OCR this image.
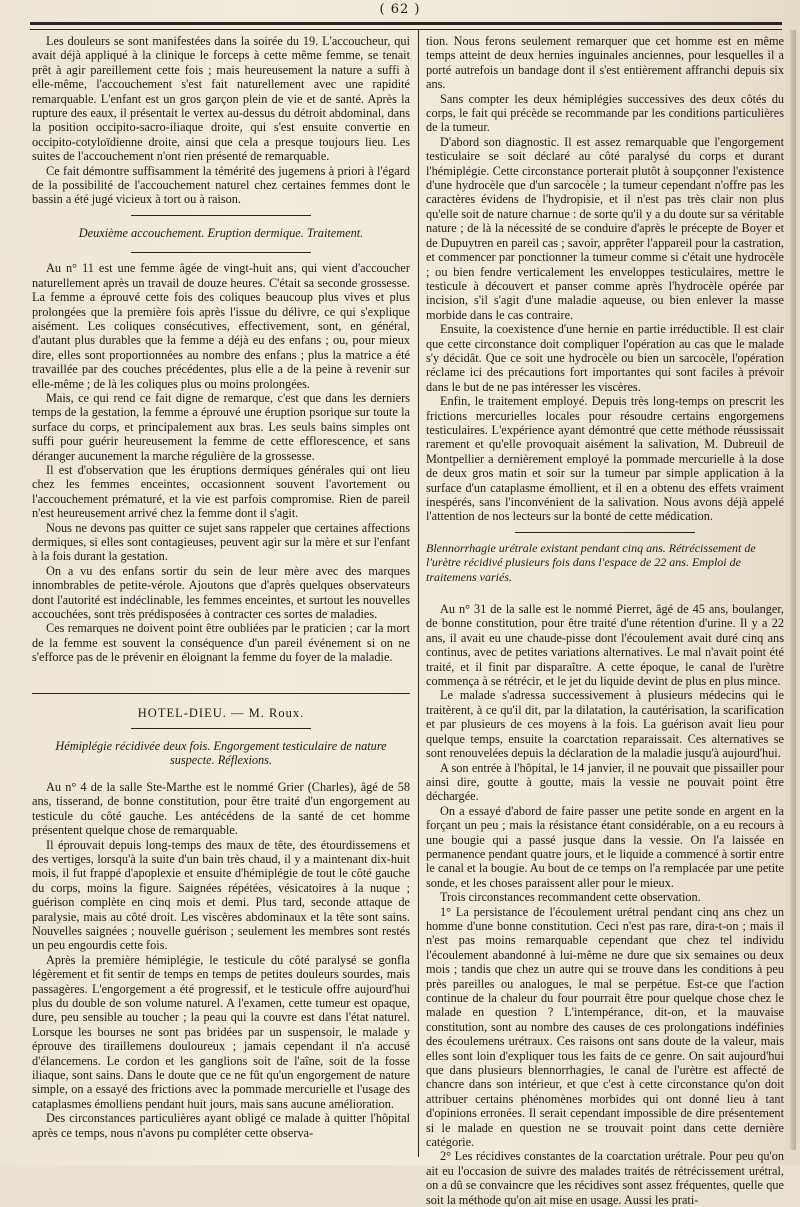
( 62 )

Les douleurs se sont manifestées dans la soirée du 19. L'accoucheur, qui avait déjà appliqué à la clinique le forceps à cette même femme, se tenait prêt à agir pareillement cette fois ; mais heureusement la nature a suffi à elle-même, l'accouchement s'est fait naturellement avec une rapidité remarquable. L'enfant est un gros garçon plein de vie et de santé. Après la rupture des eaux, il présentait le vertex au-dessus du détroit abdominal, dans la position occipito-sacro-iliaque droite, qui s'est ensuite convertie en occipito-cotyloïdienne droite, ainsi que cela a presque toujours lieu. Les suites de l'accouchement n'ont rien présenté de remarquable.

Ce fait démontre suffisamment la témérité des jugemens à priori à l'égard de la possibilité de l'accouchement naturel chez certaines femmes dont le bassin a été jugé vicieux à tort ou à raison.

Deuxième accouchement. Eruption dermique. Traitement.

Au n° 11 est une femme âgée de vingt-huit ans, qui vient d'accoucher naturellement après un travail de douze heures. C'était sa seconde grossesse. La femme a éprouvé cette fois des coliques beaucoup plus vives et plus prolongées que la première fois après l'issue du délivre, ce qui s'explique aisément. Les coliques consécutives, effectivement, sont, en général, d'autant plus durables que la femme a déjà eu des enfans ; ou, pour mieux dire, elles sont proportionnées au nombre des enfans ; plus la matrice a été travaillée par des couches précédentes, plus elle a de la peine à revenir sur elle-même ; de là les coliques plus ou moins prolongées.

Mais, ce qui rend ce fait digne de remarque, c'est que dans les derniers temps de la gestation, la femme a éprouvé une éruption psorique sur toute la surface du corps, et principalement aux bras. Les seuls bains simples ont suffi pour guérir heureusement la femme de cette efflorescence, et sans déranger aucunement la marche régulière de la grossesse.

Il est d'observation que les éruptions dermiques générales qui ont lieu chez les femmes enceintes, occasionnent souvent l'avortement ou l'accouchement prématuré, et la vie est parfois compromise. Rien de pareil n'est heureusement arrivé chez la femme dont il s'agit.

Nous ne devons pas quitter ce sujet sans rappeler que certaines affections dermiques, si elles sont contagieuses, peuvent agir sur la mère et sur l'enfant à la fois durant la gestation.

On a vu des enfans sortir du sein de leur mère avec des marques innombrables de petite-vérole. Ajoutons que d'après quelques observateurs dont l'autorité est indéclinable, les femmes enceintes, et surtout les nouvelles accouchées, sont très prédisposées à contracter ces sortes de maladies.

Ces remarques ne doivent point être oubliées par le praticien ; car la mort de la femme est souvent la conséquence d'un pareil événement si on ne s'efforce pas de le prévenir en éloignant la femme du foyer de la maladie.

HOTEL-DIEU. — M. Roux.

Hémiplégie récidivée deux fois. Engorgement testiculaire de nature suspecte. Réflexions.

Au n° 4 de la salle Ste-Marthe est le nommé Grier (Charles), âgé de 58 ans, tisserand, de bonne constitution, pour être traité d'un engorgement au testicule du côté gauche. Les antécédens de la santé de cet homme présentent quelque chose de remarquable.

Il éprouvait depuis long-temps des maux de tête, des étourdissemens et des vertiges, lorsqu'à la suite d'un bain très chaud, il y a maintenant dix-huit mois, il fut frappé d'apoplexie et ensuite d'hémiplégie de tout le côté gauche du corps, moins la figure. Saignées répétées, vésicatoires à la nuque ; guérison complète en cinq mois et demi. Plus tard, seconde attaque de paralysie, mais au côté droit. Les viscères abdominaux et la tête sont sains. Nouvelles saignées ; nouvelle guérison ; seulement les membres sont restés un peu engourdis cette fois.

Après la première hémiplégie, le testicule du côté paralysé se gonfla légèrement et fit sentir de temps en temps de petites douleurs sourdes, mais passagères. L'engorgement a été progressif, et le testicule offre aujourd'hui plus du double de son volume naturel. A l'examen, cette tumeur est opaque, dure, peu sensible au toucher ; la peau qui la couvre est dans l'état naturel. Lorsque les bourses ne sont pas bridées par un suspensoir, le malade y éprouve des tiraillemens douloureux ; jamais cependant il n'a accusé d'élancemens. Le cordon et les ganglions soit de l'aîne, soit de la fosse iliaque, sont sains. Dans le doute que ce ne fût qu'un engorgement de nature simple, on a essayé des frictions avec la pommade mercurielle et l'usage des cataplasmes émolliens pendant huit jours, mais sans aucune amélioration.

Des circonstances particulières ayant obligé ce malade à quitter l'hôpital après ce temps, nous n'avons pu compléter cette observa-

tion. Nous ferons seulement remarquer que cet homme est en même temps atteint de deux hernies inguinales anciennes, pour lesquelles il a porté autrefois un bandage dont il s'est entièrement affranchi depuis six ans.

Sans compter les deux hémiplégies successives des deux côtés du corps, le fait qui précède se recommande par les conditions particulières de la tumeur.

D'abord son diagnostic. Il est assez remarquable que l'engorgement testiculaire se soit déclaré au côté paralysé du corps et durant l'hémiplégie. Cette circonstance porterait plutôt à soupçonner l'existence d'une hydrocèle que d'un sarcocèle ; la tumeur cependant n'offre pas les caractères évidens de l'hydropisie, et il n'est pas très clair non plus qu'elle soit de nature charnue : de sorte qu'il y a du doute sur sa véritable nature ; de là la nécessité de se conduire d'après le précepte de Boyer et de Dupuytren en pareil cas ; savoir, apprêter l'appareil pour la castration, et commencer par ponctionner la tumeur comme si c'était une hydrocèle ; ou bien fendre verticalement les enveloppes testiculaires, mettre le testicule à découvert et panser comme après l'hydrocèle opérée par incision, s'il s'agit d'une maladie aqueuse, ou bien enlever la masse morbide dans le cas contraire.

Ensuite, la coexistence d'une hernie en partie irréductible. Il est clair que cette circonstance doit compliquer l'opération au cas que le malade s'y décidât. Que ce soit une hydrocèle ou bien un sarcocèle, l'opération réclame ici des précautions fort importantes qui sont faciles à prévoir dans le but de ne pas intéresser les viscères.

Enfin, le traitement employé. Depuis très long-temps on prescrit les frictions mercurielles locales pour résoudre certains engorgemens testiculaires. L'expérience ayant démontré que cette méthode réussissait rarement et qu'elle provoquait aisément la salivation, M. Dubreuil de Montpellier a dernièrement employé la pommade mercurielle à la dose de deux gros matin et soir sur la tumeur par simple application à la surface d'un cataplasme émollient, et il en a obtenu des effets vraiment inespérés, sans l'inconvénient de la salivation. Nous avons déjà appelé l'attention de nos lecteurs sur la bonté de cette médication.

Blennorrhagie urétrale existant pendant cinq ans. Rétrécissement de l'urètre récidivé plusieurs fois dans l'espace de 22 ans. Emploi de traitemens variés.

Au n° 31 de la salle est le nommé Pierret, âgé de 45 ans, boulanger, de bonne constitution, pour être traité d'une rétention d'urine. Il y a 22 ans, il avait eu une chaude-pisse dont l'écoulement avait duré cinq ans continus, avec de petites variations alternatives. Le mal n'avait point été traité, et il finit par disparaître. A cette époque, le canal de l'urètre commença à se rétrécir, et le jet du liquide devint de plus en plus mince.

Le malade s'adressa successivement à plusieurs médecins qui le traitèrent, à ce qu'il dit, par la dilatation, la cautérisation, la scarification et par plusieurs de ces moyens à la fois. La guérison avait lieu pour quelque temps, ensuite la coarctation reparaissait. Ces alternatives se sont renouvelées depuis la déclaration de la maladie jusqu'à aujourd'hui.

A son entrée à l'hôpital, le 14 janvier, il ne pouvait que pissailler pour ainsi dire, goutte à goutte, mais la vessie ne pouvait point être déchargée.

On a essayé d'abord de faire passer une petite sonde en argent en la forçant un peu ; mais la résistance étant considérable, on a eu recours à une bougie qui a passé jusque dans la vessie. On l'a laissée en permanence pendant quatre jours, et le liquide a commencé à sortir entre le canal et la bougie. Au bout de ce temps on l'a remplacée par une petite sonde, et les choses paraissent aller pour le mieux.

Trois circonstances recommandent cette observation.

1° La persistance de l'écoulement urétral pendant cinq ans chez un homme d'une bonne constitution. Ceci n'est pas rare, dira-t-on ; mais il n'est pas moins remarquable cependant que chez tel individu l'écoulement abandonné à lui-même ne dure que six semaines ou deux mois ; tandis que chez un autre qui se trouve dans les conditions à peu près pareilles ou analogues, le mal se perpétue. Est-ce que l'action continue de la chaleur du four pourrait être pour quelque chose chez le malade en question ? L'intempérance, dit-on, et la mauvaise constitution, sont au nombre des causes de ces prolongations indéfinies des écoulemens urétraux. Ces raisons ont sans doute de la valeur, mais elles sont loin d'expliquer tous les faits de ce genre. On sait aujourd'hui que dans plusieurs blennorrhagies, le canal de l'urètre est affecté de chancre dans son intérieur, et que c'est à cette circonstance qu'on doit attribuer certains phénomènes morbides qui ont donné lieu à tant d'opinions erronées. Il serait cependant impossible de dire présentement si le malade en question ne se trouvait point dans cette dernière catégorie.

2° Les récidives constantes de la coarctation urétrale. Pour peu qu'on ait eu l'occasion de suivre des malades traités de rétrécissement urétral, on a dû se convaincre que les récidives sont assez fréquentes, quelle que soit la méthode qu'on ait mise en usage. Aussi les prati-
